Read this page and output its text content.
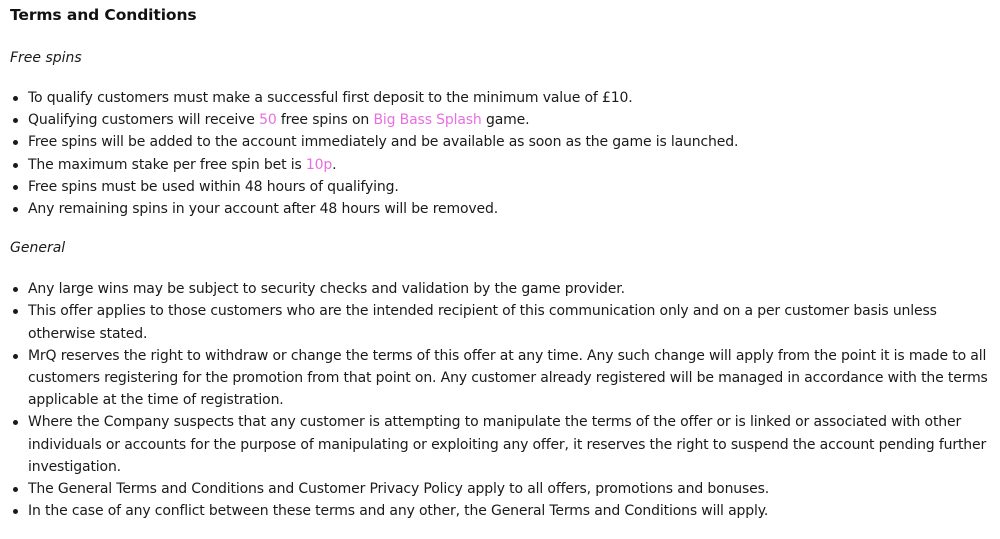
Terms and Conditions

Free spins

To qualify customers must make a successful first deposit to the minimum value of £10.
Qualifying customers will receive 50 free spins on Big Bass Splash game.
Free spins will be added to the account immediately and be available as soon as the game is launched.
The maximum stake per free spin bet is 10p.
Free spins must be used within 48 hours of qualifying.
Any remaining spins in your account after 48 hours will be removed.

General

Any large wins may be subject to security checks and validation by the game provider.
This offer applies to those customers who are the intended recipient of this communication only and on a per customer basis unless otherwise stated.
MrQ reserves the right to withdraw or change the terms of this offer at any time. Any such change will apply from the point it is made to all customers registering for the promotion from that point on. Any customer already registered will be managed in accordance with the terms applicable at the time of registration.
Where the Company suspects that any customer is attempting to manipulate the terms of the offer or is linked or associated with other individuals or accounts for the purpose of manipulating or exploiting any offer, it reserves the right to suspend the account pending further investigation.
The General Terms and Conditions and Customer Privacy Policy apply to all offers, promotions and bonuses.
In the case of any conflict between these terms and any other, the General Terms and Conditions will apply.
